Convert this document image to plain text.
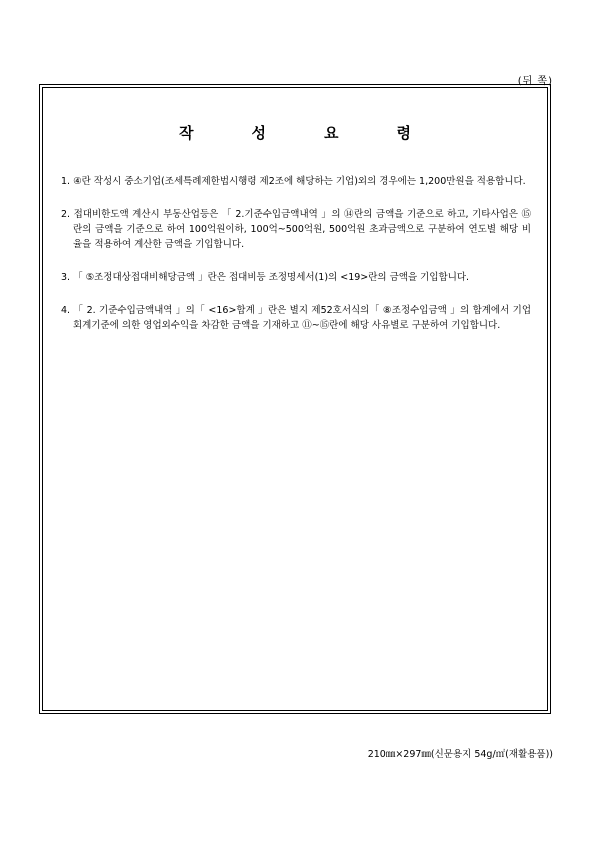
(뒤 쪽)
작	성	요	령
1. ④란 작성시 중소기업(조세특례제한법시행령 제2조에 해당하는 기업)외의 경우에는 1,200만원을 적용합니다.
2. 접대비한도액 계산시 부동산업등은 「 2.기준수입금액내역 」의 ⑭란의 금액을 기준으로 하고, 기타사업은 ⑮란의 금액을 기준으로 하여 100억원이하, 100억~500억원, 500억원 초과금액으로 구분하여 연도별 해당 비율을 적용하여 계산한 금액을 기입합니다.
3. 「 ⑤조정대상접대비해당금액 」란은 접대비등 조정명세서(1)의 <19>란의 금액을 기입합니다.
4. 「 2. 기준수입금액내역 」의「 <16>합계 」란은 별지 제52호서식의「 ⑧조정수입금액 」의 합계에서 기업회계기준에 의한 영업외수익을 차감한 금액을 기재하고 ⑪~⑮란에 해당 사유별로 구분하여 기입합니다.
210㎜×297㎜(신문용지 54g/㎡(재활용품))
